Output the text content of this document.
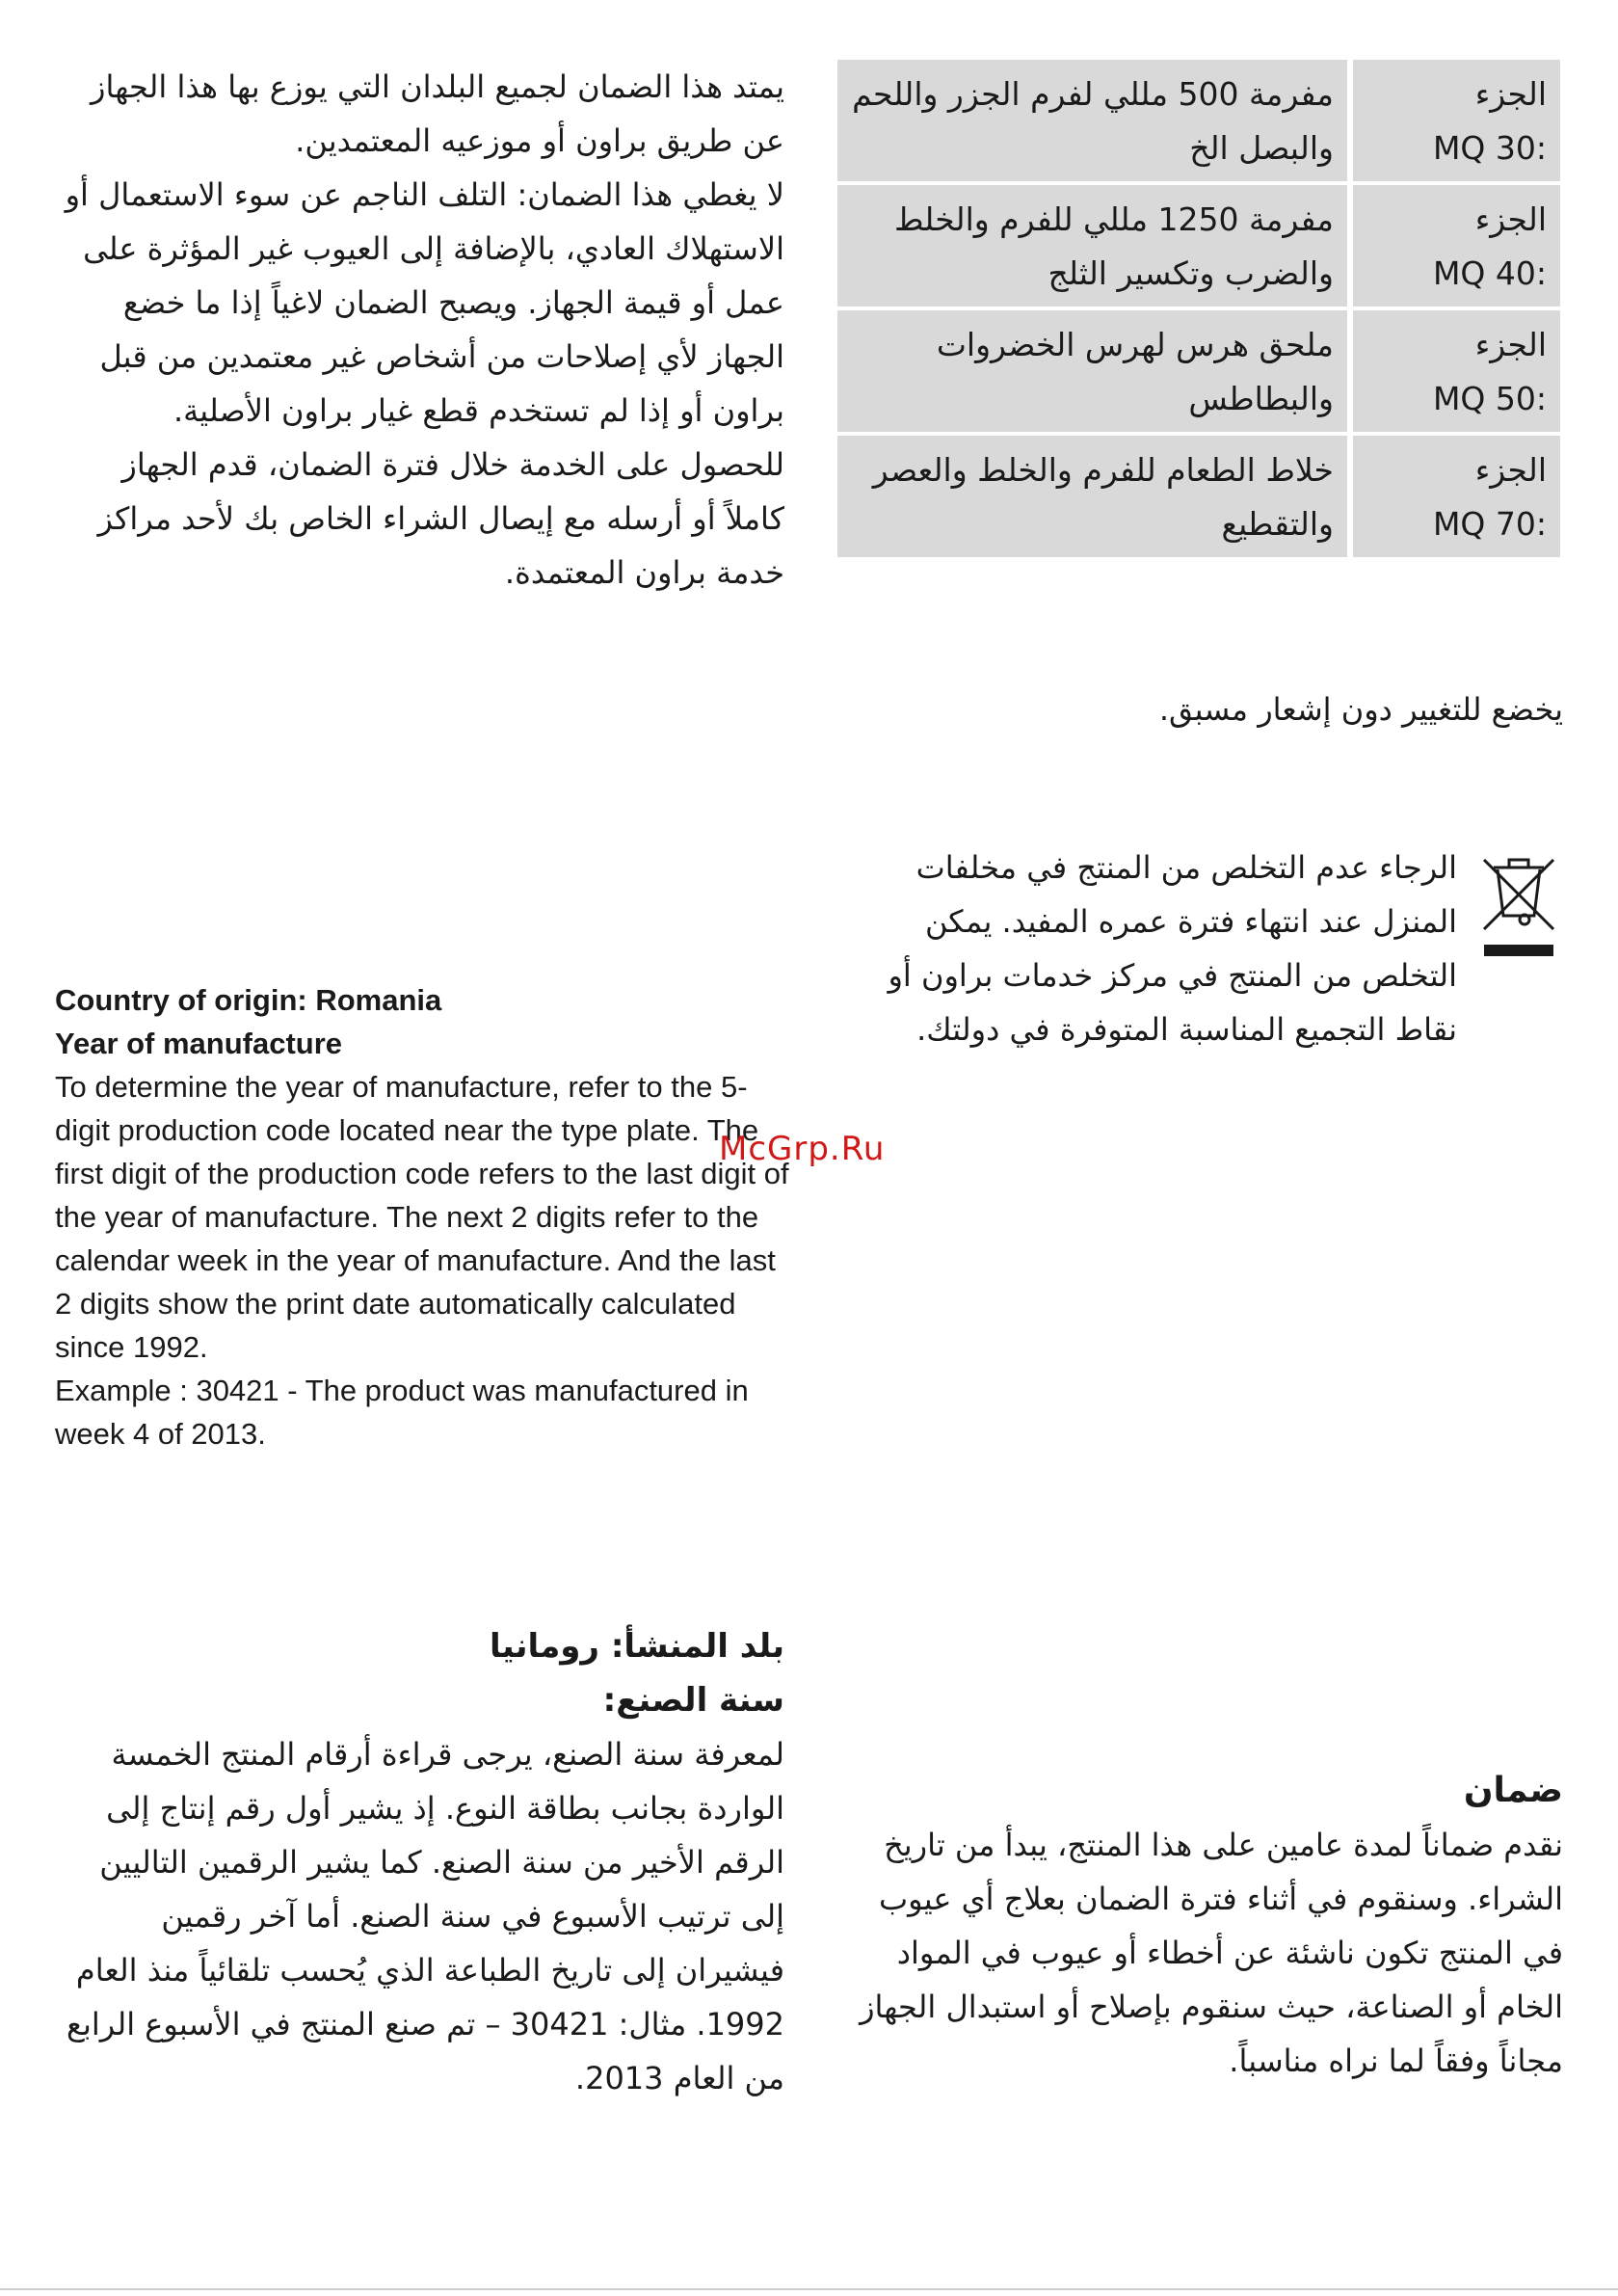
الجزء
MQ 30:	مفرمة 500 مللي لفرم الجزر واللحم والبصل الخ

الجزء
MQ 40:	مفرمة 1250 مللي للفرم والخلط والضرب وتكسير الثلج

الجزء
MQ 50:	ملحق هرس لهرس الخضروات والبطاطس

الجزء
MQ 70:	خلاط الطعام للفرم والخلط والعصر والتقطيع
يمتد هذا الضمان لجميع البلدان التي يوزع بها هذا الجهاز عن طريق براون أو موزعيه المعتمدين.
لا يغطي هذا الضمان: التلف الناجم عن سوء الاستعمال أو الاستهلاك العادي، بالإضافة إلى العيوب غير المؤثرة على عمل أو قيمة الجهاز. ويصبح الضمان لاغياً إذا ما خضع الجهاز لأي إصلاحات من أشخاص غير معتمدين من قبل براون أو إذا لم تستخدم قطع غيار براون الأصلية.
للحصول على الخدمة خلال فترة الضمان، قدم الجهاز كاملاً أو أرسله مع إيصال الشراء الخاص بك لأحد مراكز خدمة براون المعتمدة.
يخضع للتغيير دون إشعار مسبق.
الرجاء عدم التخلص من المنتج في مخلفات المنزل عند انتهاء فترة عمره المفيد. يمكن التخلص من المنتج في مركز خدمات براون أو نقاط التجميع المناسبة المتوفرة في دولتك.
Country of origin: Romania
Year of manufacture
To determine the year of manufacture, refer to the 5-digit production code located near the type plate. The first digit of the production code refers to the last digit of the year of manufacture. The next 2 digits refer to the calendar week in the year of manufacture. And the last 2 digits show the print date automatically calculated since 1992.
Example : 30421 - The product was manufactured in week 4 of 2013.
McGrp.Ru
بلد المنشأ: رومانيا
سنة الصنع:
لمعرفة سنة الصنع، يرجى قراءة أرقام المنتج الخمسة الواردة بجانب بطاقة النوع. إذ يشير أول رقم إنتاج إلى الرقم الأخير من سنة الصنع. كما يشير الرقمين التاليين إلى ترتيب الأسبوع في سنة الصنع. أما آخر رقمين فيشيران إلى تاريخ الطباعة الذي يُحسب تلقائياً منذ العام 1992. مثال: 30421 – تم صنع المنتج في الأسبوع الرابع من العام 2013.
ضمان
نقدم ضماناً لمدة عامين على هذا المنتج، يبدأ من تاريخ الشراء. وسنقوم في أثناء فترة الضمان بعلاج أي عيوب في المنتج تكون ناشئة عن أخطاء أو عيوب في المواد الخام أو الصناعة، حيث سنقوم بإصلاح أو استبدال الجهاز مجاناً وفقاً لما نراه مناسباً.
